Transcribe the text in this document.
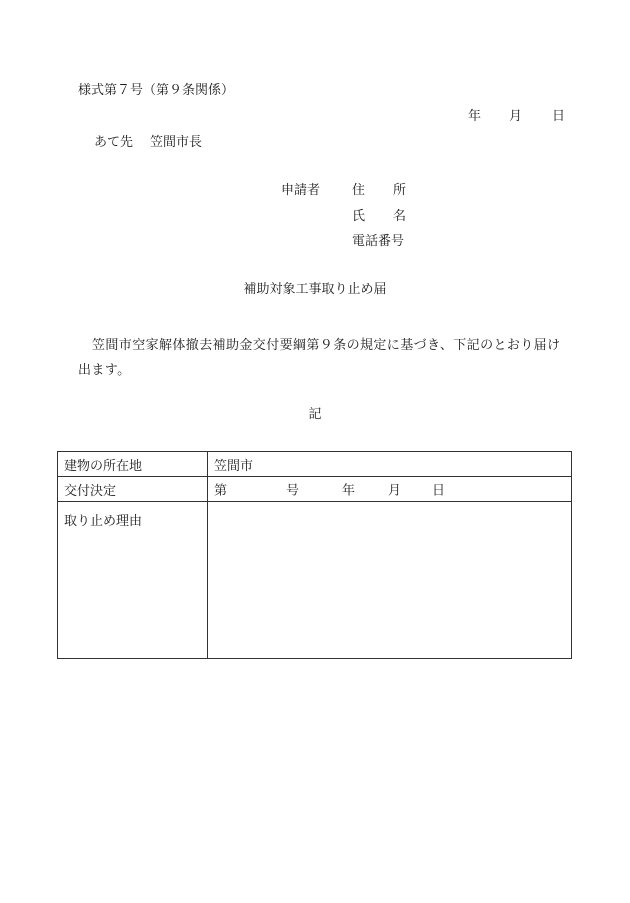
様式第７号（第９条関係）
年 月 日
あて先 笠間市長
申請者 住 所
氏 名
電話番号
補助対象工事取り止め届
笠間市空家解体撤去補助金交付要綱第９条の規定に基づき、下記のとおり届け出ます。
記
建物の所在地	笠間市
交付決定	第 号 年 月 日

取り止め理由	
